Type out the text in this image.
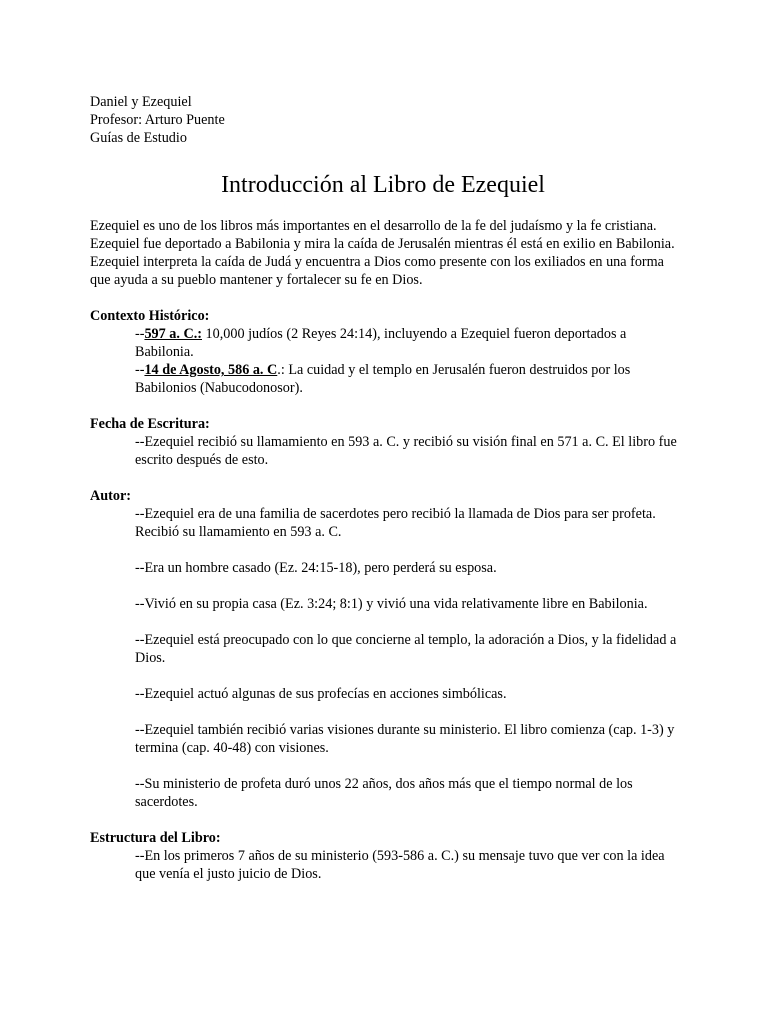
Daniel y Ezequiel
Profesor: Arturo Puente
Guías de Estudio
Introducción al Libro de Ezequiel

Ezequiel es uno de los libros más importantes en el desarrollo de la fe del judaísmo y la fe cristiana. Ezequiel fue deportado a Babilonia y mira la caída de Jerusalén mientras él está en exilio en Babilonia. Ezequiel interpreta la caída de Judá y encuentra a Dios como presente con los exiliados en una forma que ayuda a su pueblo mantener y fortalecer su fe en Dios.

Contexto Histórico:

--597 a. C.: 10,000 judíos (2 Reyes 24:14), incluyendo a Ezequiel fueron deportados a Babilonia.

--14 de Agosto, 586 a. C.: La cuidad y el templo en Jerusalén fueron destruidos por los Babilonios (Nabucodonosor).

Fecha de Escritura:

--Ezequiel recibió su llamamiento en 593 a. C. y recibió su visión final en 571 a. C. El libro fue escrito después de esto.

Autor:

--Ezequiel era de una familia de sacerdotes pero recibió la llamada de Dios para ser profeta. Recibió su llamamiento en 593 a. C.

--Era un hombre casado (Ez. 24:15-18), pero perderá su esposa.

--Vivió en su propia casa (Ez. 3:24; 8:1) y vivió una vida relativamente libre en Babilonia.

--Ezequiel está preocupado con lo que concierne al templo, la adoración a Dios, y la fidelidad a Dios.

--Ezequiel actuó algunas de sus profecías en acciones simbólicas.

--Ezequiel también recibió varias visiones durante su ministerio. El libro comienza (cap. 1-3) y termina (cap. 40-48) con visiones.

--Su ministerio de profeta duró unos 22 años, dos años más que el tiempo normal de los sacerdotes.

Estructura del Libro:

--En los primeros 7 años de su ministerio (593-586 a. C.) su mensaje tuvo que ver con la idea que venía el justo juicio de Dios.
